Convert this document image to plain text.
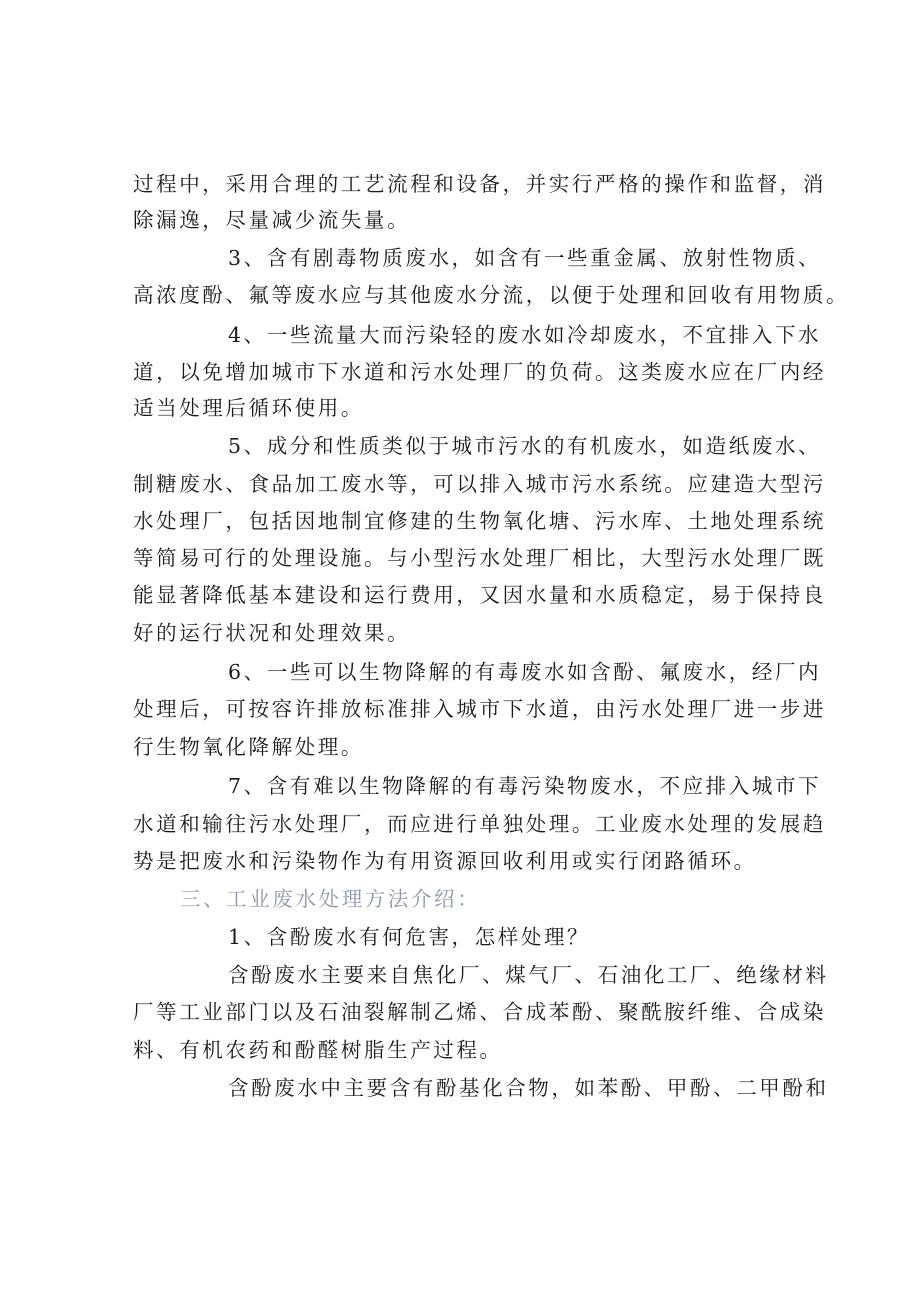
过程中，采用合理的工艺流程和设备，并实行严格的操作和监督，消
除漏逸，尽量减少流失量。
3、含有剧毒物质废水，如含有一些重金属、放射性物质、
高浓度酚、氟等废水应与其他废水分流，以便于处理和回收有用物质。
4、一些流量大而污染轻的废水如冷却废水，不宜排入下水
道，以免增加城市下水道和污水处理厂的负荷。这类废水应在厂内经
适当处理后循环使用。
5、成分和性质类似于城市污水的有机废水，如造纸废水、
制糖废水、食品加工废水等，可以排入城市污水系统。应建造大型污
水处理厂，包括因地制宜修建的生物氧化塘、污水库、土地处理系统
等简易可行的处理设施。与小型污水处理厂相比，大型污水处理厂既
能显著降低基本建设和运行费用，又因水量和水质稳定，易于保持良
好的运行状况和处理效果。
6、一些可以生物降解的有毒废水如含酚、氟废水，经厂内
处理后，可按容许排放标准排入城市下水道，由污水处理厂进一步进
行生物氧化降解处理。
7、含有难以生物降解的有毒污染物废水，不应排入城市下
水道和输往污水处理厂，而应进行单独处理。工业废水处理的发展趋
势是把废水和污染物作为有用资源回收利用或实行闭路循环。
三、工业废水处理方法介绍：
1、含酚废水有何危害，怎样处理？
含酚废水主要来自焦化厂、煤气厂、石油化工厂、绝缘材料
厂等工业部门以及石油裂解制乙烯、合成苯酚、聚酰胺纤维、合成染
料、有机农药和酚醛树脂生产过程。
含酚废水中主要含有酚基化合物，如苯酚、甲酚、二甲酚和
